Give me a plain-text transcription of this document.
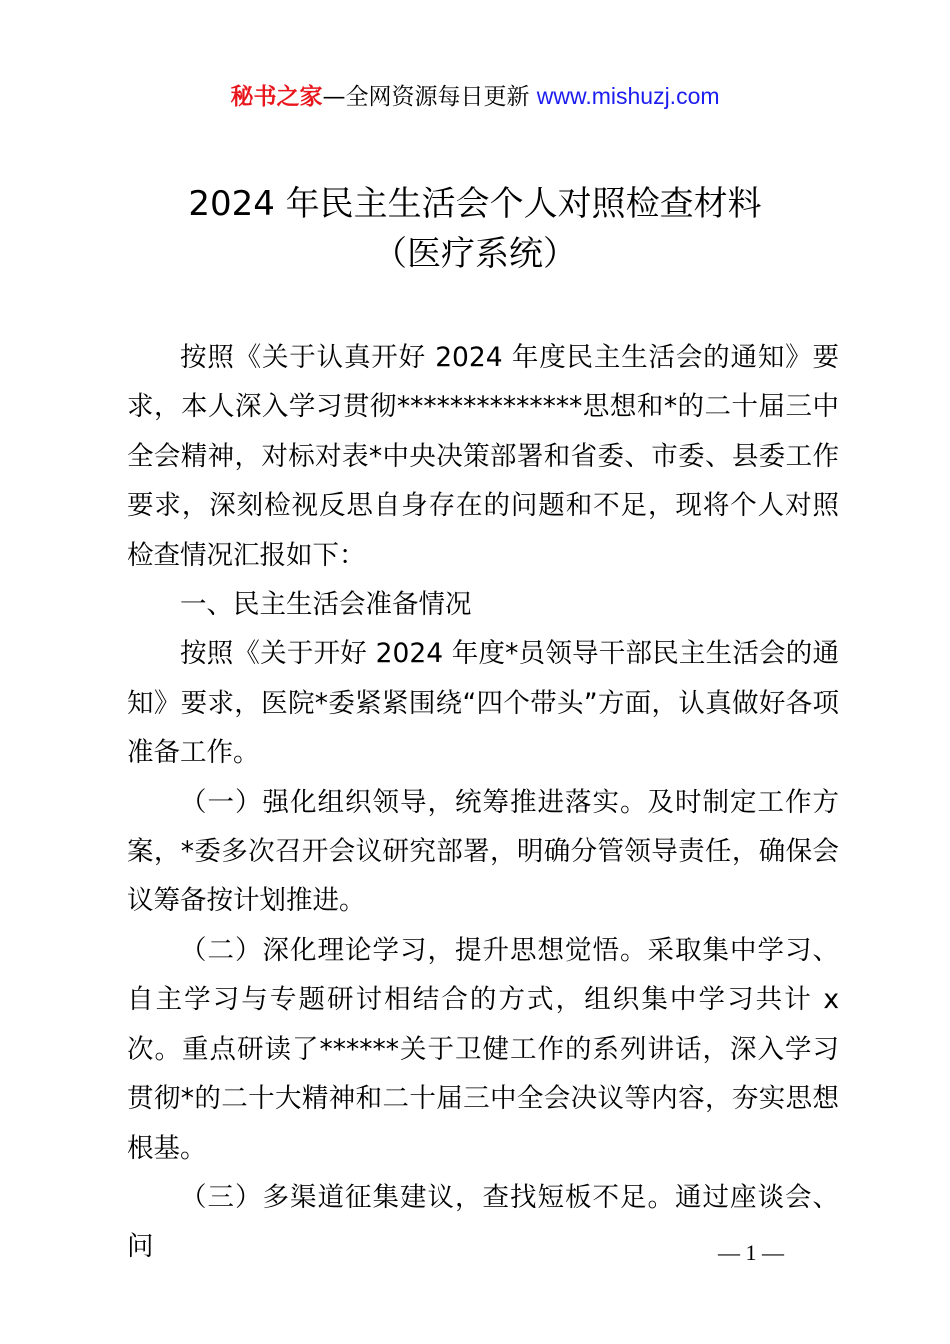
秘书之家—全网资源每日更新 www.mishuzj.com
2024 年民主生活会个人对照检查材料
（医疗系统）

按照《关于认真开好 2024 年度民主生活会的通知》要求，本人深入学习贯彻**************思想和*的二十届三中全会精神，对标对表*中央决策部署和省委、市委、县委工作要求，深刻检视反思自身存在的问题和不足，现将个人对照检查情况汇报如下：

一、民主生活会准备情况

按照《关于开好 2024 年度*员领导干部民主生活会的通知》要求，医院*委紧紧围绕“四个带头”方面，认真做好各项准备工作。

（一）强化组织领导，统筹推进落实。及时制定工作方案，*委多次召开会议研究部署，明确分管领导责任，确保会议筹备按计划推进。

（二）深化理论学习，提升思想觉悟。采取集中学习、自主学习与专题研讨相结合的方式，组织集中学习共计 x 次。重点研读了******关于卫健工作的系列讲话，深入学习贯彻*的二十大精神和二十届三中全会决议等内容，夯实思想根基。

（三）多渠道征集建议，查找短板不足。通过座谈会、问	— 1 —
